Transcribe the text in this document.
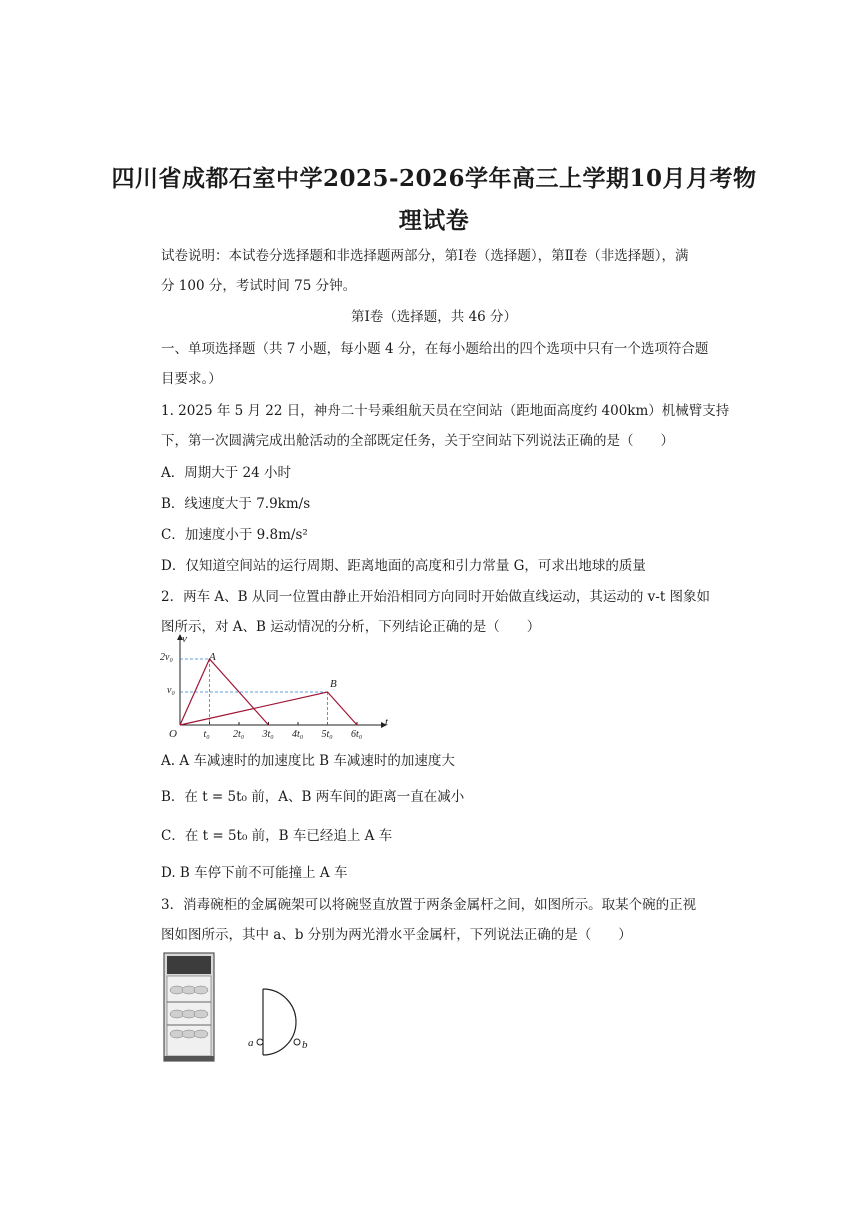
四川省成都石室中学2025-2026学年高三上学期10月月考物
理试卷
试卷说明：本试卷分选择题和非选择题两部分，第Ⅰ卷（选择题），第Ⅱ卷（非选择题），满
分 100 分，考试时间 75 分钟。
第Ⅰ卷（选择题，共 46 分）
一、单项选择题（共 7 小题，每小题 4 分，在每小题给出的四个选项中只有一个选项符合题
目要求。）
1. 2025 年 5 月 22 日，神舟二十号乘组航天员在空间站（距地面高度约 400km）机械臂支持
下，第一次圆满完成出舱活动的全部既定任务，关于空间站下列说法正确的是（　　）
A．周期大于 24 小时
B．线速度大于 7.9km/s
C．加速度小于 9.8m/s²
D．仅知道空间站的运行周期、距离地面的高度和引力常量 G，可求出地球的质量
2．两车 A、B 从同一位置由静止开始沿相同方向同时开始做直线运动，其运动的 v-t 图象如
图所示，对 A、B 运动情况的分析，下列结论正确的是（　　）
v
t
O
2v₀
v₀
t₀ 2t₀ 3t₀ 4t₀ 5t₀ 6t₀
A
B
A. A 车减速时的加速度比 B 车减速时的加速度大
B．在 t = 5t₀ 前，A、B 两车间的距离一直在减小
C．在 t = 5t₀ 前，B 车已经追上 A 车
D. B 车停下前不可能撞上 A 车
3．消毒碗柜的金属碗架可以将碗竖直放置于两条金属杆之间，如图所示。取某个碗的正视
图如图所示，其中 a、b 分别为两光滑水平金属杆，下列说法正确的是（　　）
a	b
